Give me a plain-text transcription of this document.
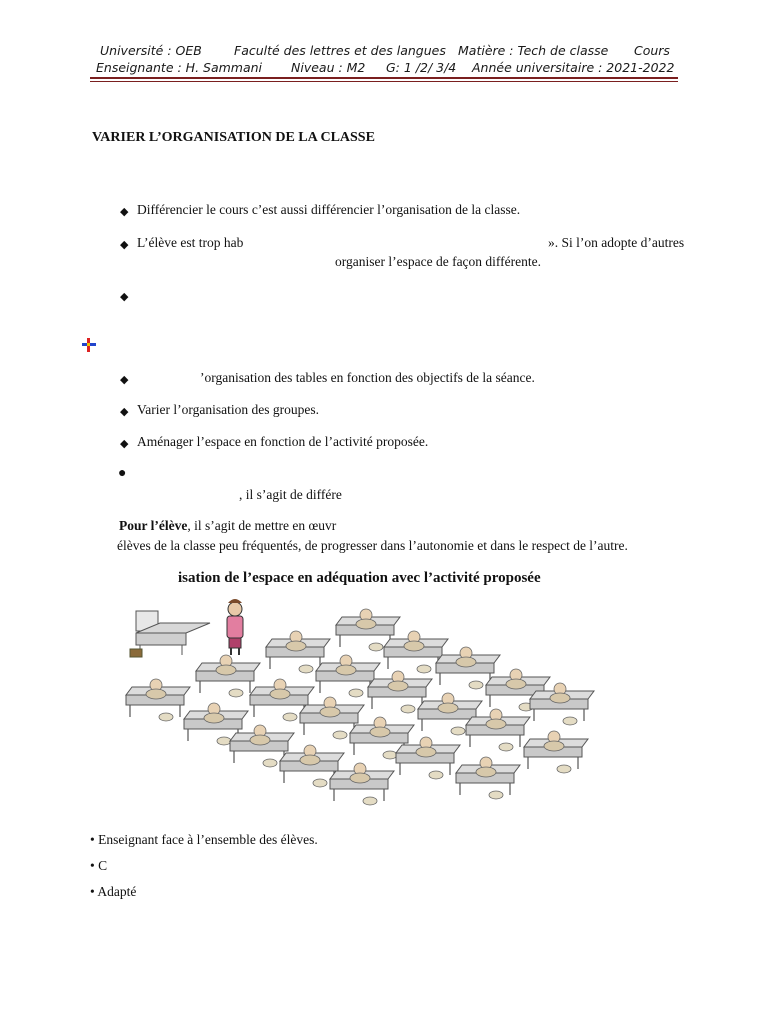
Université : OEB	Faculté des lettres et des langues Matière : Tech de classe Cours
Enseignante : H. Sammani Niveau : M2 G: 1 /2/ 3/4 Année universitaire : 2021-2022
VARIER L’ORGANISATION DE LA CLASSE
◆ Différencier le cours c’est aussi différencier l’organisation de la classe.
◆ L’élève est trop hab	». Si l’on adopte d’autres
organiser l’espace de façon différente.
◆
◆	’organisation des tables en fonction des objectifs de la séance.
◆ Varier l’organisation des groupes.
◆ Aménager l’espace en fonction de l’activité proposée.
●
, il s’agit de différe
Pour l’élève, il s’agit de mettre en œuvr
élèves de la classe peu fréquentés, de progresser dans l’autonomie et dans le respect de l’autre.
isation de l’espace en adéquation avec l’activité proposée
• Enseignant face à l’ensemble des élèves.
• C
• Adapté
